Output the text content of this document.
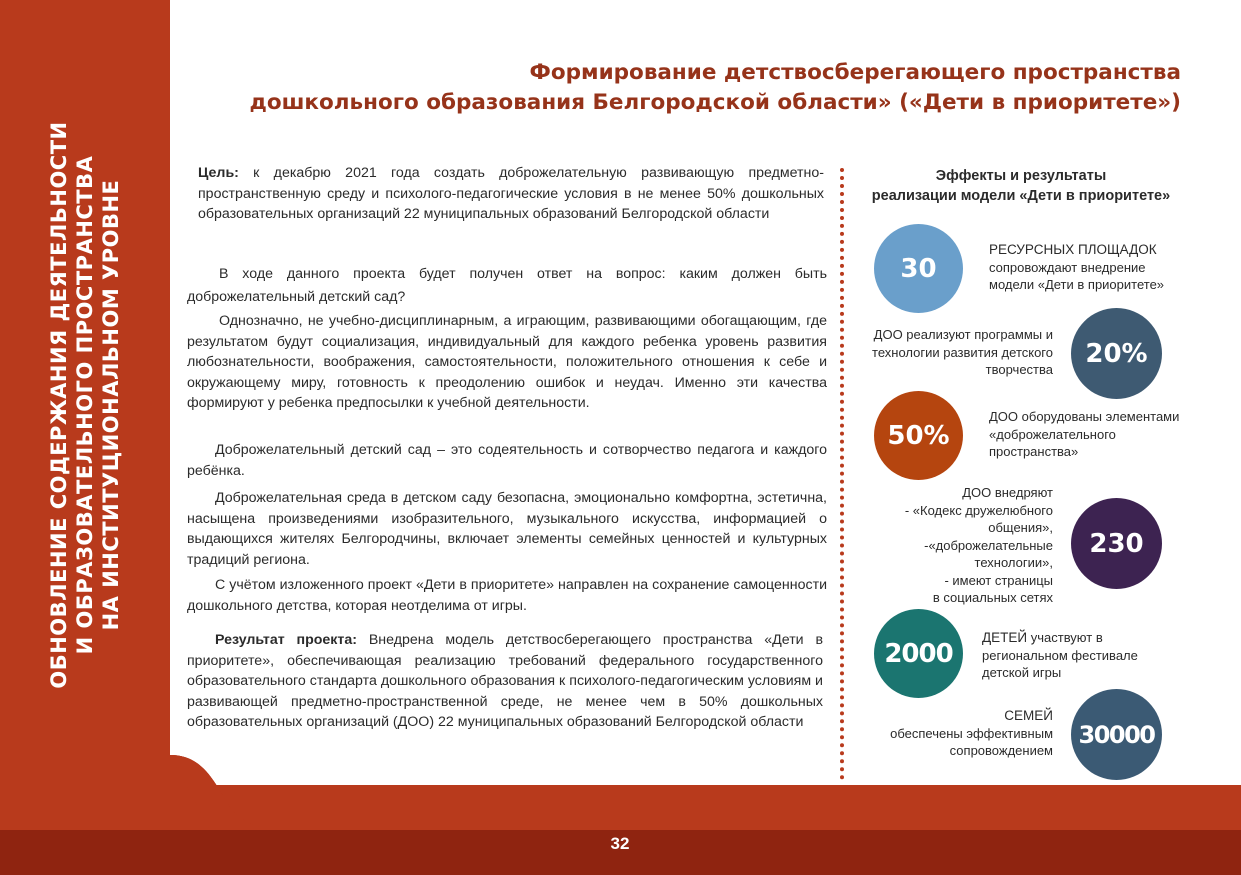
ОБНОВЛЕНИЕ СОДЕРЖАНИЯ ДЕЯТЕЛЬНОСТИ И ОБРАЗОВАТЕЛЬНОГО ПРОСТРАНСТВА НА ИНСТИТУЦИОНАЛЬНОМ УРОВНЕ
32
Формирование детствосберегающего пространства
дошкольного образования Белгородской области» («Дети в приоритете»)

Цель: к декабрю 2021 года создать доброжелательную развивающую предметно-пространственную среду и психолого-педагогические условия в не менее 50% дошкольных образовательных организаций 22 муниципальных образований Белгородской области

В ходе данного проекта будет получен ответ на вопрос: каким должен быть доброжелательный детский сад?

Однозначно, не учебно-дисциплинарным, а играющим, развивающими обогащающим, где результатом будут социализация, индивидуальный для каждого ребенка уровень развития любознательности, воображения, самостоятельности, положительного отношения к себе и окружающему миру, готовность к преодолению ошибок и неудач. Именно эти качества формируют у ребенка предпосылки к учебной деятельности.

Доброжелательный детский сад – это содеятельность и сотворчество педагога и каждого ребёнка.

Доброжелательная среда в детском саду безопасна, эмоционально комфортна, эстетична, насыщена произведениями изобразительного, музыкального искусства, информацией о выдающихся жителях Белгородчины, включает элементы семейных ценностей и культурных традиций региона.

С учётом изложенного проект «Дети в приоритете» направлен на сохранение самоценности дошкольного детства, которая неотделима от игры.

Результат проекта: Внедрена модель детствосберегающего пространства «Дети в приоритете», обеспечивающая реализацию требований федерального государственного образовательного стандарта дошкольного образования к психолого-педагогическим условиям и развивающей предметно-пространственной среде, не менее чем в 50% дошкольных образовательных организаций (ДОО) 22 муниципальных образований Белгородской области

Эффекты и результаты
реализации модели «Дети в приоритете»
30
РЕСУРСНЫХ ПЛОЩАДОК
сопровождают внедрение модели «Дети в приоритете»
20%
ДОО реализуют программы и технологии развития детского творчества
50%
ДОО оборудованы элементами «доброжелательного пространства»
230
ДОО внедряют
- «Кодекс дружелюбного общения»,
-«доброжелательные технологии»,
- имеют страницы
в социальных сетях
2000
ДЕТЕЙ участвуют в региональном фестивале детской игры
30000
СЕМЕЙ
обеспечены эффективным сопровождением
